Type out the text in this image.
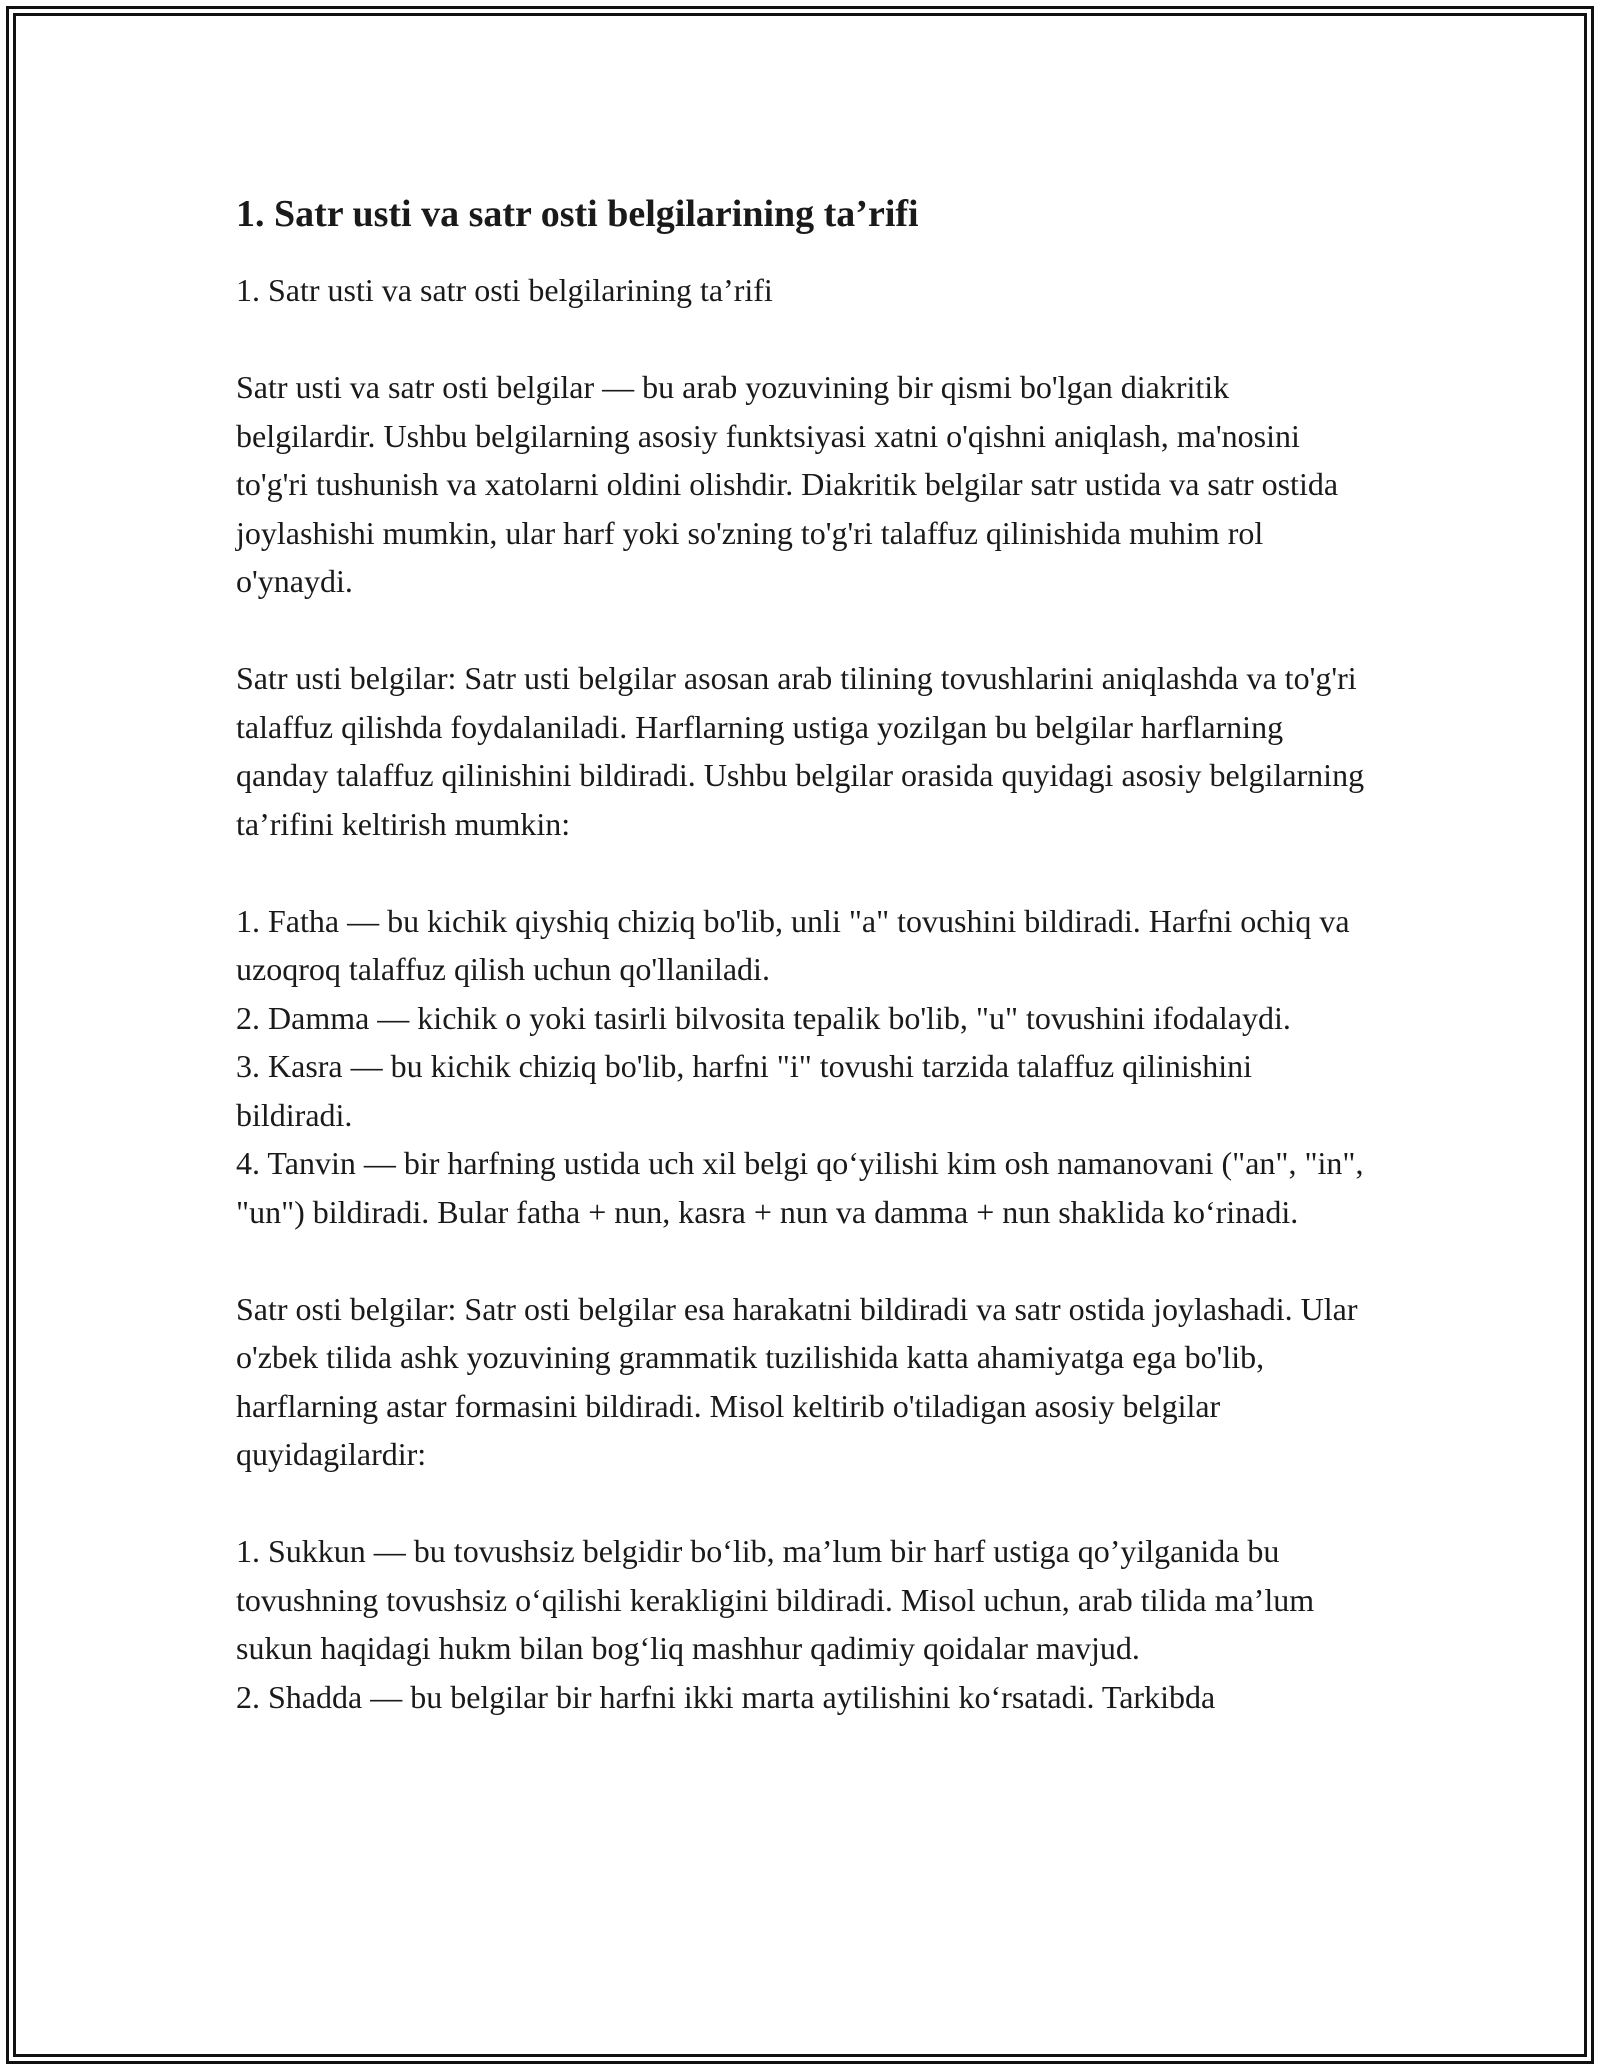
1. Satr usti va satr osti belgilarining ta’rifi

1. Satr usti va satr osti belgilarining ta’rifi

Satr usti va satr osti belgilar — bu arab yozuvining bir qismi bo'lgan diakritik belgilardir. Ushbu belgilarning asosiy funktsiyasi xatni o'qishni aniqlash, ma'nosini to'g'ri tushunish va xatolarni oldini olishdir. Diakritik belgilar satr ustida va satr ostida joylashishi mumkin, ular harf yoki so'zning to'g'ri talaffuz qilinishida muhim rol o'ynaydi.

Satr usti belgilar: Satr usti belgilar asosan arab tilining tovushlarini aniqlashda va to'g'ri talaffuz qilishda foydalaniladi. Harflarning ustiga yozilgan bu belgilar harflarning qanday talaffuz qilinishini bildiradi. Ushbu belgilar orasida quyidagi asosiy belgilarning ta’rifini keltirish mumkin:

1. Fatha — bu kichik qiyshiq chiziq bo'lib, unli "a" tovushini bildiradi. Harfni ochiq va uzoqroq talaffuz qilish uchun qo'llaniladi.
2. Damma — kichik o yoki tasirli bilvosita tepalik bo'lib, "u" tovushini ifodalaydi.
3. Kasra — bu kichik chiziq bo'lib, harfni "i" tovushi tarzida talaffuz qilinishini bildiradi.
4. Tanvin — bir harfning ustida uch xil belgi qo‘yilishi kim osh namanovani ("an", "in", "un") bildiradi. Bular fatha + nun, kasra + nun va damma + nun shaklida ko‘rinadi.

Satr osti belgilar: Satr osti belgilar esa harakatni bildiradi va satr ostida joylashadi. Ular o'zbek tilida ashk yozuvining grammatik tuzilishida katta ahamiyatga ega bo'lib, harflarning astar formasini bildiradi. Misol keltirib o'tiladigan asosiy belgilar quyidagilardir:

1. Sukkun — bu tovushsiz belgidir bo‘lib, ma’lum bir harf ustiga qo’yilganida bu tovushning tovushsiz o‘qilishi kerakligini bildiradi. Misol uchun, arab tilida ma’lum sukun haqidagi hukm bilan bog‘liq mashhur qadimiy qoidalar mavjud.
2. Shadda — bu belgilar bir harfni ikki marta aytilishini ko‘rsatadi. Tarkibda
